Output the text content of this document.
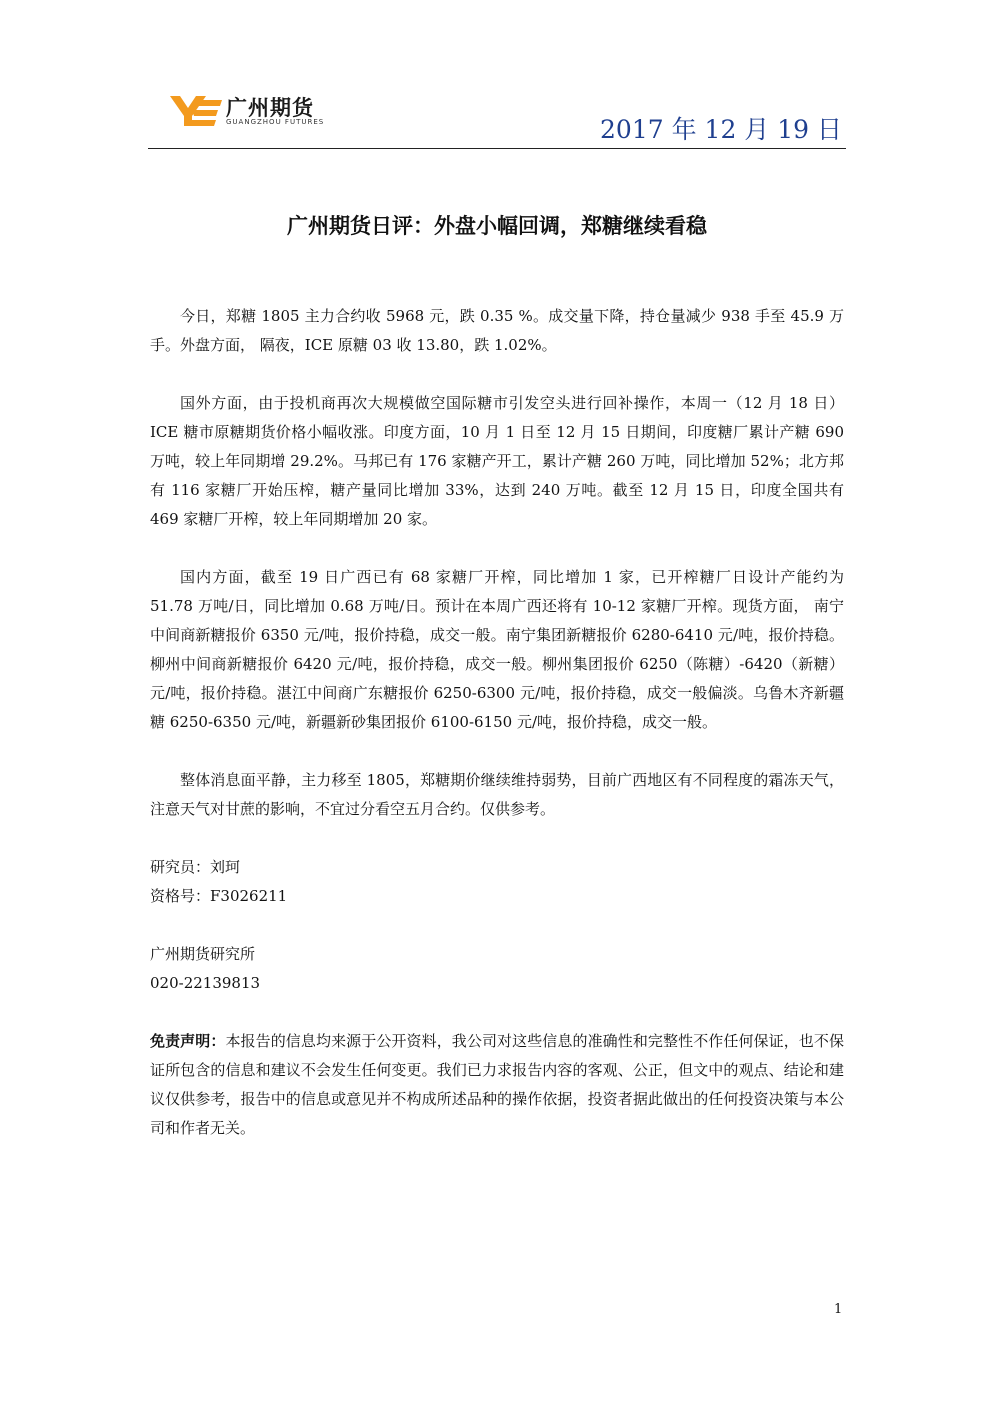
广州期货
GUANGZHOU FUTURES	2017 年 12 月 19 日
广州期货日评：外盘小幅回调，郑糖继续看稳

今日，郑糖 1805 主力合约收 5968 元，跌 0.35 %。成交量下降，持仓量减少 938 手至 45.9 万手。外盘方面， 隔夜，ICE 原糖 03 收 13.80，跌 1.02%。

国外方面，由于投机商再次大规模做空国际糖市引发空头进行回补操作，本周一（12 月 18 日）ICE 糖市原糖期货价格小幅收涨。印度方面，10 月 1 日至 12 月 15 日期间，印度糖厂累计产糖 690 万吨，较上年同期增 29.2%。马邦已有 176 家糖产开工，累计产糖 260 万吨，同比增加 52%；北方邦有 116 家糖厂开始压榨，糖产量同比增加 33%，达到 240 万吨。截至 12 月 15 日，印度全国共有 469 家糖厂开榨，较上年同期增加 20 家。

国内方面，截至 19 日广西已有 68 家糖厂开榨，同比增加 1 家，已开榨糖厂日设计产能约为 51.78 万吨/日，同比增加 0.68 万吨/日。预计在本周广西还将有 10-12 家糖厂开榨。现货方面， 南宁中间商新糖报价 6350 元/吨，报价持稳，成交一般。南宁集团新糖报价 6280-6410 元/吨，报价持稳。柳州中间商新糖报价 6420 元/吨，报价持稳，成交一般。柳州集团报价 6250（陈糖）-6420（新糖）元/吨，报价持稳。湛江中间商广东糖报价 6250-6300 元/吨，报价持稳，成交一般偏淡。乌鲁木齐新疆糖 6250-6350 元/吨，新疆新砂集团报价 6100-6150 元/吨，报价持稳，成交一般。

整体消息面平静，主力移至 1805，郑糖期价继续维持弱势，目前广西地区有不同程度的霜冻天气，注意天气对甘蔗的影响，不宜过分看空五月合约。仅供参考。

研究员：刘珂

资格号：F3026211

广州期货研究所

020-22139813

免责声明：本报告的信息均来源于公开资料，我公司对这些信息的准确性和完整性不作任何保证，也不保证所包含的信息和建议不会发生任何变更。我们已力求报告内容的客观、公正，但文中的观点、结论和建议仅供参考，报告中的信息或意见并不构成所述品种的操作依据，投资者据此做出的任何投资决策与本公司和作者无关。

1
